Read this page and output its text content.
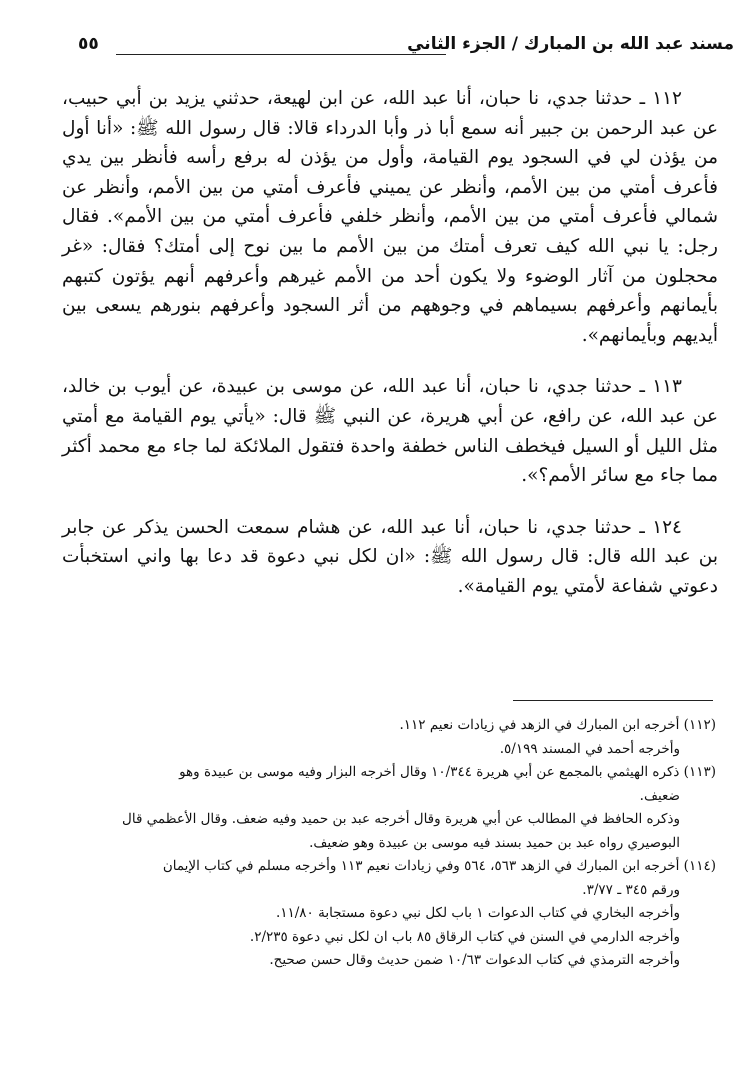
مسند عبد الله بن المبارك / الجزء الثاني
٥٥

١١٢ ـ حدثنا جدي، نا حبان، أنا عبد الله، عن ابن لهيعة، حدثني يزيد بن أبي حبيب، عن عبد الرحمن بن جبير أنه سمع أبا ذر وأبا الدرداء قالا: قال رسول الله ﷺ: «أنا أول من يؤذن لي في السجود يوم القيامة، وأول من يؤذن له برفع رأسه فأنظر بين يدي فأعرف أمتي من بين الأمم، وأنظر عن يميني فأعرف أمتي من بين الأمم، وأنظر عن شمالي فأعرف أمتي من بين الأمم، وأنظر خلفي فأعرف أمتي من بين الأمم». فقال رجل: يا نبي الله كيف تعرف أمتك من بين الأمم ما بين نوح إلى أمتك؟ فقال: «غر محجلون من آثار الوضوء ولا يكون أحد من الأمم غيرهم وأعرفهم أنهم يؤتون كتبهم بأيمانهم وأعرفهم بسيماهم في وجوههم من أثر السجود وأعرفهم بنورهم يسعى بين أيديهم وبأيمانهم».

١١٣ ـ حدثنا جدي، نا حبان، أنا عبد الله، عن موسى بن عبيدة، عن أيوب بن خالد، عن عبد الله، عن رافع، عن أبي هريرة، عن النبي ﷺ قال: «يأتي يوم القيامة مع أمتي مثل الليل أو السيل فيخطف الناس خطفة واحدة فتقول الملائكة لما جاء مع محمد أكثر مما جاء مع سائر الأمم؟».

١٢٤ ـ حدثنا جدي، نا حبان، أنا عبد الله، عن هشام سمعت الحسن يذكر عن جابر بن عبد الله قال: قال رسول الله ﷺ: «ان لكل نبي دعوة قد دعا بها واني استخبأت دعوتي شفاعة لأمتي يوم القيامة».

(١١٢) أخرجه ابن المبارك في الزهد في زيادات نعيم ١١٢.

وأخرجه أحمد في المسند ٥/١٩٩.

(١١٣) ذكره الهيثمي بالمجمع عن أبي هريرة ١٠/٣٤٤ وقال أخرجه البزار وفيه موسى بن عبيدة وهو

ضعيف.

وذكره الحافظ في المطالب عن أبي هريرة وقال أخرجه عبد بن حميد وفيه ضعف. وقال الأعظمي قال

البوصيري رواه عبد بن حميد بسند فيه موسى بن عبيدة وهو ضعيف.

(١١٤) أخرجه ابن المبارك في الزهد ٥٦٣، ٥٦٤ وفي زيادات نعيم ١١٣ وأخرجه مسلم في كتاب الإيمان

ورقم ٣٤٥ ـ ٣/٧٧.

وأخرجه البخاري في كتاب الدعوات ١ باب لكل نبي دعوة مستجابة ١١/٨٠.

وأخرجه الدارمي في السنن في كتاب الرقاق ٨٥ باب ان لكل نبي دعوة ٢/٢٣٥.

وأخرجه الترمذي في كتاب الدعوات ١٠/٦٣ ضمن حديث وقال حسن صحيح.
